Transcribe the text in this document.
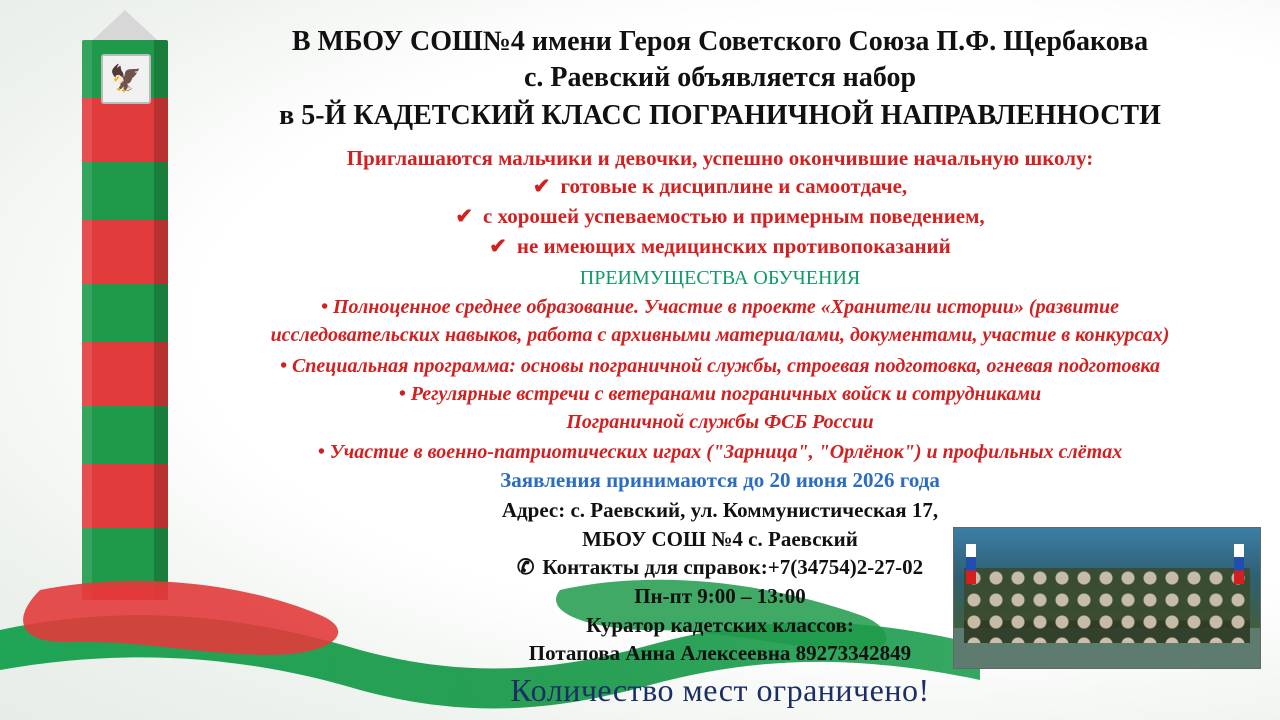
🦅
В МБОУ СОШ№4 имени Героя Советского Союза П.Ф. Щербакова
с. Раевский объявляется набор
в 5-Й КАДЕТСКИЙ КЛАСС ПОГРАНИЧНОЙ НАПРАВЛЕННОСТИ
Приглашаются мальчики и девочки, успешно окончившие начальную школу:
✔ готовые к дисциплине и самоотдаче,
✔ с хорошей успеваемостью и примерным поведением,
✔ не имеющих медицинских противопоказаний
ПРЕИМУЩЕСТВА ОБУЧЕНИЯ
• Полноценное среднее образование. Участие в проекте «Хранители истории» (развитие
исследовательских навыков, работа с архивными материалами, документами, участие в конкурсах)
• Специальная программа: основы пограничной службы, строевая подготовка, огневая подготовка
• Регулярные встречи с ветеранами пограничных войск и сотрудниками
Пограничной службы ФСБ России
• Участие в военно-патриотических играх ("Зарница", "Орлёнок") и профильных слётах
Заявления принимаются до 20 июня 2026 года
Адрес: с. Раевский, ул. Коммунистическая 17,
МБОУ СОШ №4 с. Раевский
✆ Контакты для справок:+7(34754)2-27-02
Пн-пт 9:00 – 13:00
Куратор кадетских классов:
Потапова Анна Алексеевна 89273342849
Количество мест ограничено!
